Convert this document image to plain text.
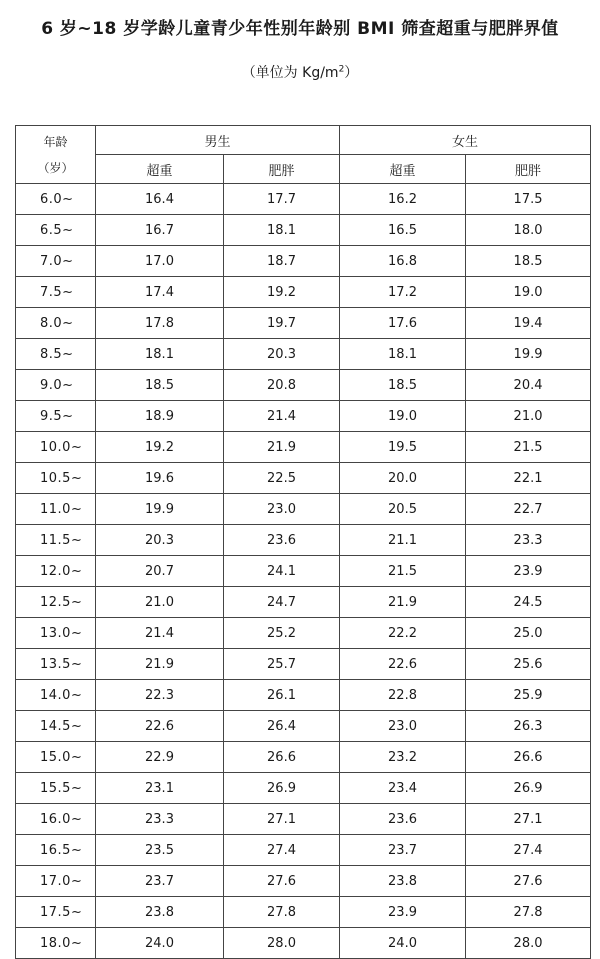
6 岁~18 岁学龄儿童青少年性别年龄别 BMI 筛查超重与肥胖界值
（单位为 $Kg/m^2$）
年龄
（岁）	男生		女生	
	超重	肥胖	超重	肥胖
6.0~	16.4	17.7	16.2	17.5
6.5~	16.7	18.1	16.5	18.0
7.0~	17.0	18.7	16.8	18.5
7.5~	17.4	19.2	17.2	19.0
8.0~	17.8	19.7	17.6	19.4
8.5~	18.1	20.3	18.1	19.9
9.0~	18.5	20.8	18.5	20.4
9.5~	18.9	21.4	19.0	21.0
10.0~	19.2	21.9	19.5	21.5
10.5~	19.6	22.5	20.0	22.1
11.0~	19.9	23.0	20.5	22.7
11.5~	20.3	23.6	21.1	23.3
12.0~	20.7	24.1	21.5	23.9
12.5~	21.0	24.7	21.9	24.5
13.0~	21.4	25.2	22.2	25.0
13.5~	21.9	25.7	22.6	25.6
14.0~	22.3	26.1	22.8	25.9
14.5~	22.6	26.4	23.0	26.3
15.0~	22.9	26.6	23.2	26.6
15.5~	23.1	26.9	23.4	26.9
16.0~	23.3	27.1	23.6	27.1
16.5~	23.5	27.4	23.7	27.4
17.0~	23.7	27.6	23.8	27.6
17.5~	23.8	27.8	23.9	27.8
18.0~	24.0	28.0	24.0	28.0
